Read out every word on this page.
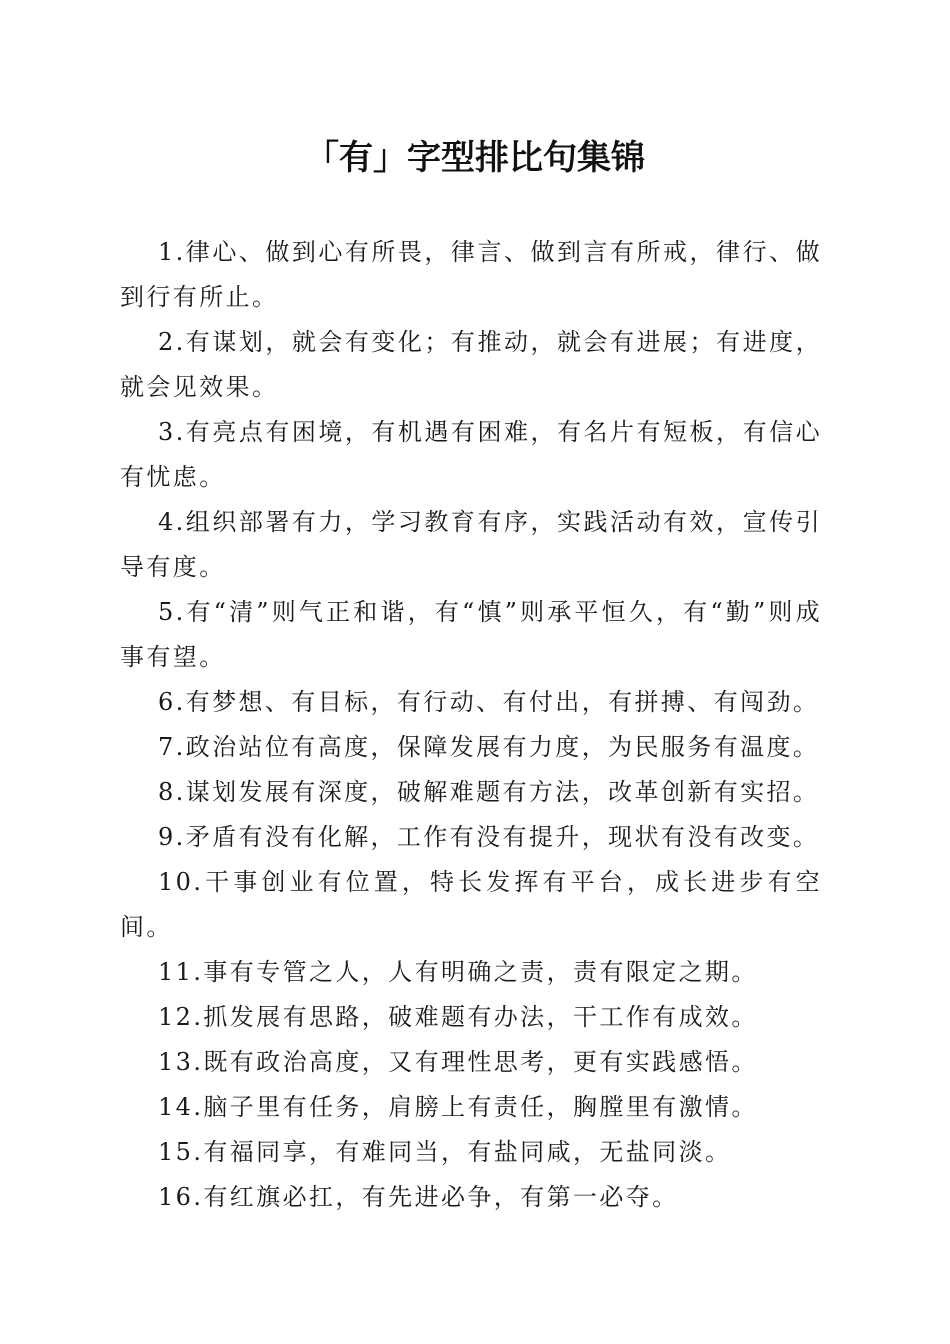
「有」字型排比句集锦

1.律心、做到心有所畏，律言、做到言有所戒，律行、做到行有所止。

2.有谋划，就会有变化；有推动，就会有进展；有进度，就会见效果。

3.有亮点有困境，有机遇有困难，有名片有短板，有信心有忧虑。

4.组织部署有力，学习教育有序，实践活动有效，宣传引导有度。

5.有“清”则气正和谐，有“慎”则承平恒久，有“勤”则成事有望。

6.有梦想、有目标，有行动、有付出，有拼搏、有闯劲。

7.政治站位有高度，保障发展有力度，为民服务有温度。

8.谋划发展有深度，破解难题有方法，改革创新有实招。

9.矛盾有没有化解，工作有没有提升，现状有没有改变。

10.干事创业有位置，特长发挥有平台，成长进步有空间。

11.事有专管之人，人有明确之责，责有限定之期。

12.抓发展有思路，破难题有办法，干工作有成效。

13.既有政治高度，又有理性思考，更有实践感悟。

14.脑子里有任务，肩膀上有责任，胸膛里有激情。

15.有福同享，有难同当，有盐同咸，无盐同淡。

16.有红旗必扛，有先进必争，有第一必夺。
